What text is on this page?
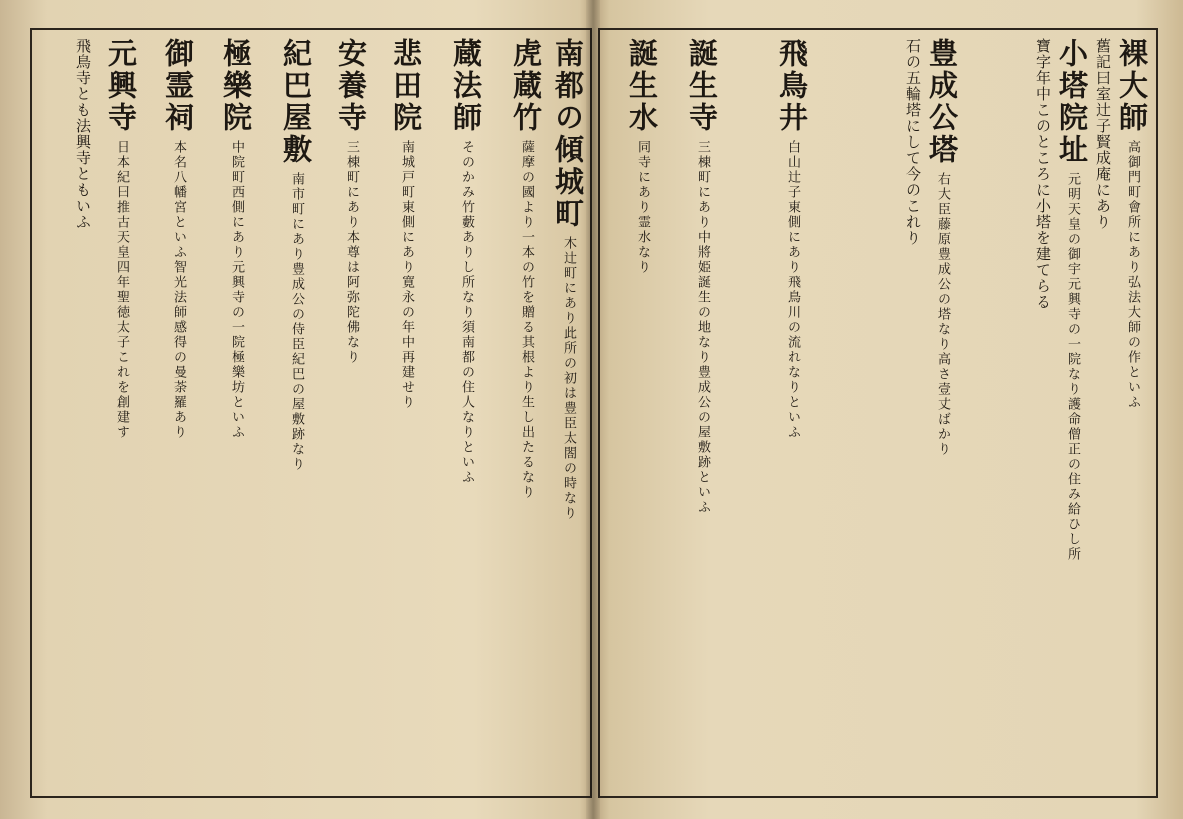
裸大師高御門町會所にあり弘法大師の作といふ
舊記曰室辻子賢成庵にあり
小塔院址元明天皇の御宇元興寺の一院なり護命僧正の住み給ひし所
寶字年中このところに小塔を建てらる
豊成公塔右大臣藤原豊成公の塔なり高さ壹丈ばかり
石の五輪塔にして今のこれり
飛鳥井白山辻子東側にあり飛鳥川の流れなりといふ
誕生寺三棟町にあり中將姫誕生の地なり豊成公の屋敷跡といふ
誕生水同寺にあり霊水なり
南都の傾城町木辻町にあり此所の初は豊臣太閤の時なり
虎蔵竹薩摩の國より一本の竹を贈る其根より生し出たるなり
蔵法師そのかみ竹藪ありし所なり須南都の住人なりといふ
悲田院南城戸町東側にあり寛永の年中再建せり
安養寺三棟町にあり本尊は阿弥陀佛なり
紀巴屋敷南市町にあり豊成公の侍臣紀巴の屋敷跡なり
極樂院中院町西側にあり元興寺の一院極樂坊といふ
御霊祠本名八幡宮といふ智光法師感得の曼荼羅あり
元興寺日本紀曰推古天皇四年聖徳太子これを創建す
飛鳥寺とも法興寺ともいふ
